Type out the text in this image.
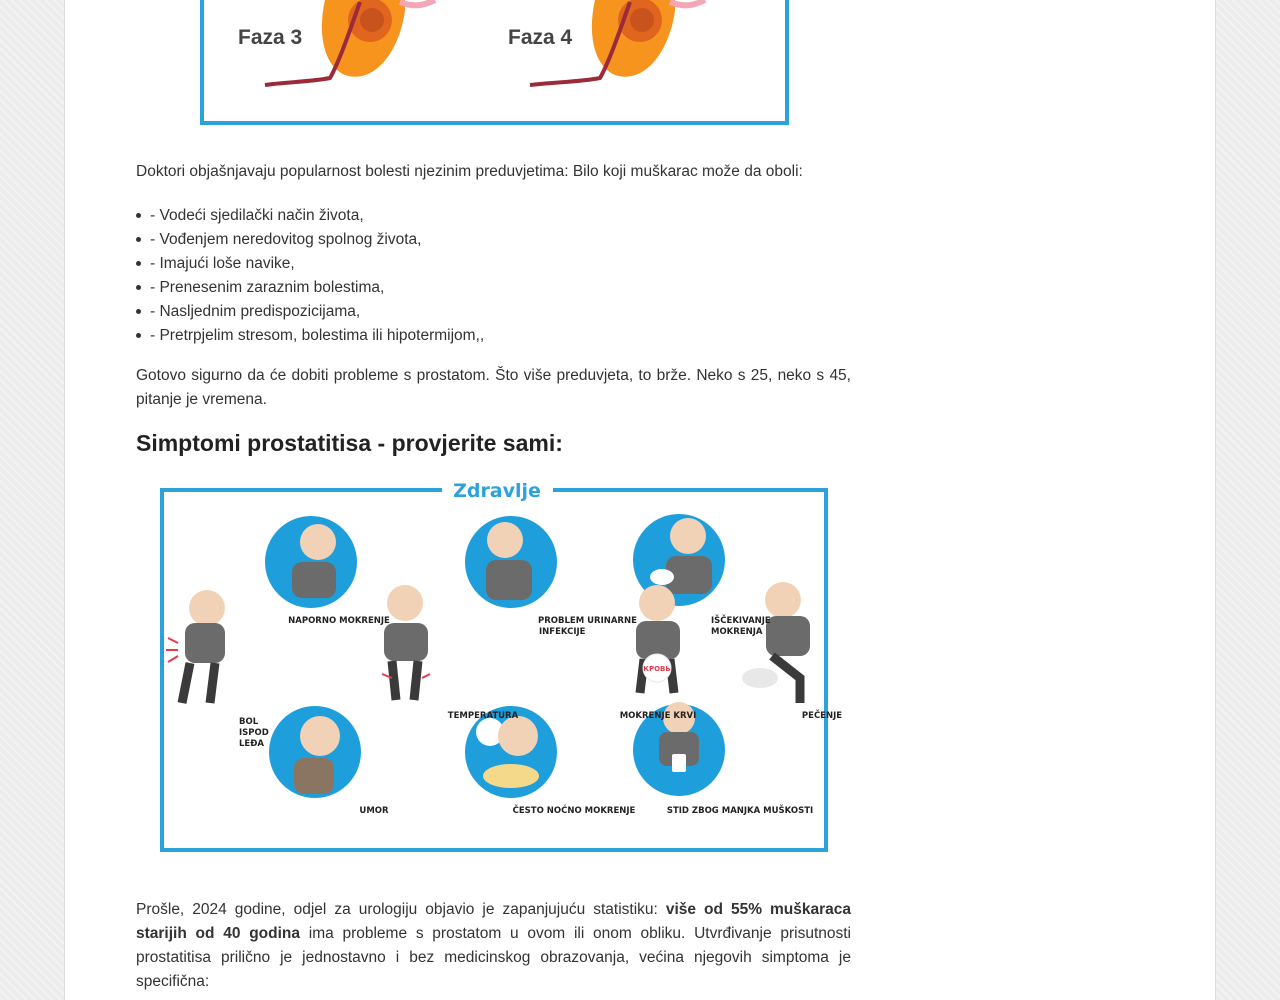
Faza 3	Faza 4

Doktori objašnjavaju popularnost bolesti njezinim preduvjetima: Bilo koji muškarac može da oboli:

- Vodeći sjedilački način života,
- Vođenjem neredovitog spolnog života,
- Imajući loše navike,
- Prenesenim zaraznim bolestima,
- Nasljednim predispozicijama,
- Pretrpjelim stresom, bolestima ili hipotermijom,,

Gotovo sigurno da će dobiti probleme s prostatom. Što više preduvjeta, to brže. Neko s 25, neko s 45, pitanje je vremena.

Simptomi prostatitisa - provjerite sami:

Prošle, 2024 godine, odjel za urologiju objavio je zapanjujuću statistiku: više od 55% muškaraca starijih od 40 godina ima probleme s prostatom u ovom ili onom obliku. Utvrđivanje prisutnosti prostatitisa prilično je jednostavno i bez medicinskog obrazovanja, većina njegovih simptoma je specifična:

Zdravlje
КРОВЬ
NAPORNO MOKRENJE	PROBLEM URINARNE
INFEKCIJE
IŠČEKIVANJE
MOKRENJA
BOL
ISPOD
LEĐA
TEMPERATURA	MOKRENJE KRVI	PEČENJE
UMOR	ČESTO NOĆNO MOKRENJE	STID ZBOG MANJKA MUŠKOSTI
